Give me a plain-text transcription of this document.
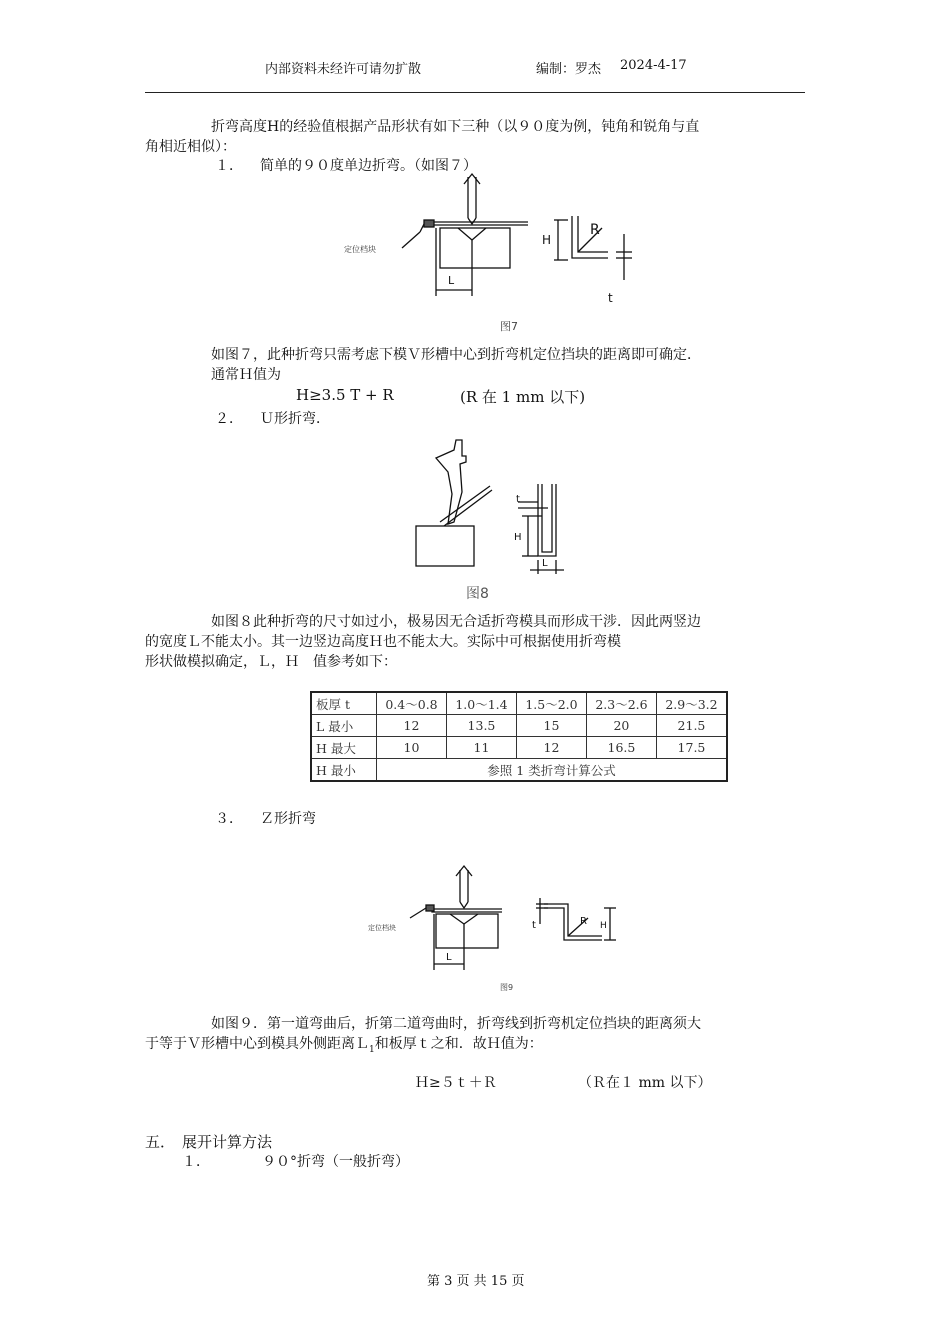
内部资料未经许可请勿扩散	编制：罗杰 2024-4-17
折弯高度H的经验值根据产品形状有如下三种（以９０度为例，钝角和锐角与直
角相近相似）：
１． 简单的９０度单边折弯。（如图７）
定位档块
H
R
L
t
图7
如图７，此种折弯只需考虑下模Ｖ形槽中心到折弯机定位挡块的距离即可确定．
通常Ｈ值为
H≥3.5 T + R	(R 在 1 mm 以下)
２． Ｕ形折弯．
t
H
L
图8
如图８此种折弯的尺寸如过小，极易因无合适折弯模具而形成干涉．因此两竖边
的宽度Ｌ不能太小。其一边竖边高度Ｈ也不能太大。实际中可根据使用折弯模
形状做模拟确定，Ｌ，Ｈ　值参考如下：
板厚 t	0.4～0.8	1.0～1.4	1.5～2.0	2.3～2.6	2.9～3.2
L 最小	12	13.5	15	20	21.5
H 最大	10	11	12	16.5	17.5
H 最小	参照 1 类折弯计算公式				
３． Ｚ形折弯
定位档块
L
t	R H
图9
如图９．第一道弯曲后，折第二道弯曲时，折弯线到折弯机定位挡块的距离须大
于等于Ｖ形槽中心到模具外侧距离Ｌ$_1$和板厚ｔ之和．故Ｈ值为：
Ｈ≥５ｔ＋Ｒ	（Ｒ在１ mm 以下）
五． 展开计算方法
１．	９０°折弯（一般折弯）
第 3 页 共 15 页
